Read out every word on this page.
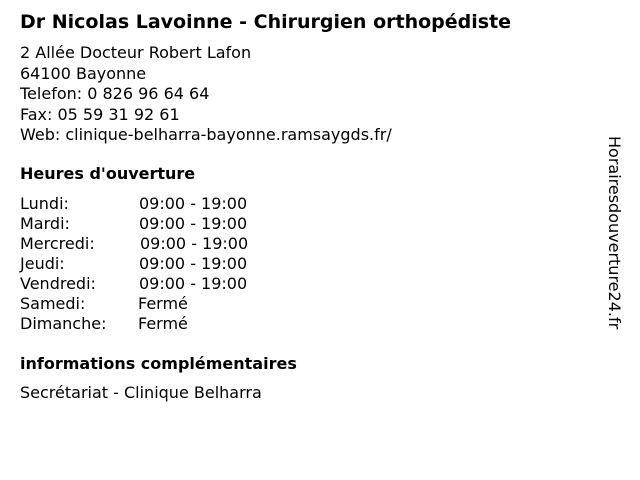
Dr Nicolas Lavoinne - Chirurgien orthopédiste
2 Allée Docteur Robert Lafon
64100 Bayonne
Telefon: 0 826 96 64 64
Fax: 05 59 31 92 61
Web: clinique-belharra-bayonne.ramsaygds.fr/
Heures d'ouverture
Lundi:	09:00 - 19:00
Mardi:	09:00 - 19:00
Mercredi:	09:00 - 19:00
Jeudi:	09:00 - 19:00
Vendredi:	09:00 - 19:00
Samedi:	Fermé
Dimanche: Fermé
informations complémentaires
Secrétariat - Clinique Belharra
Horairesdouverture24.fr
